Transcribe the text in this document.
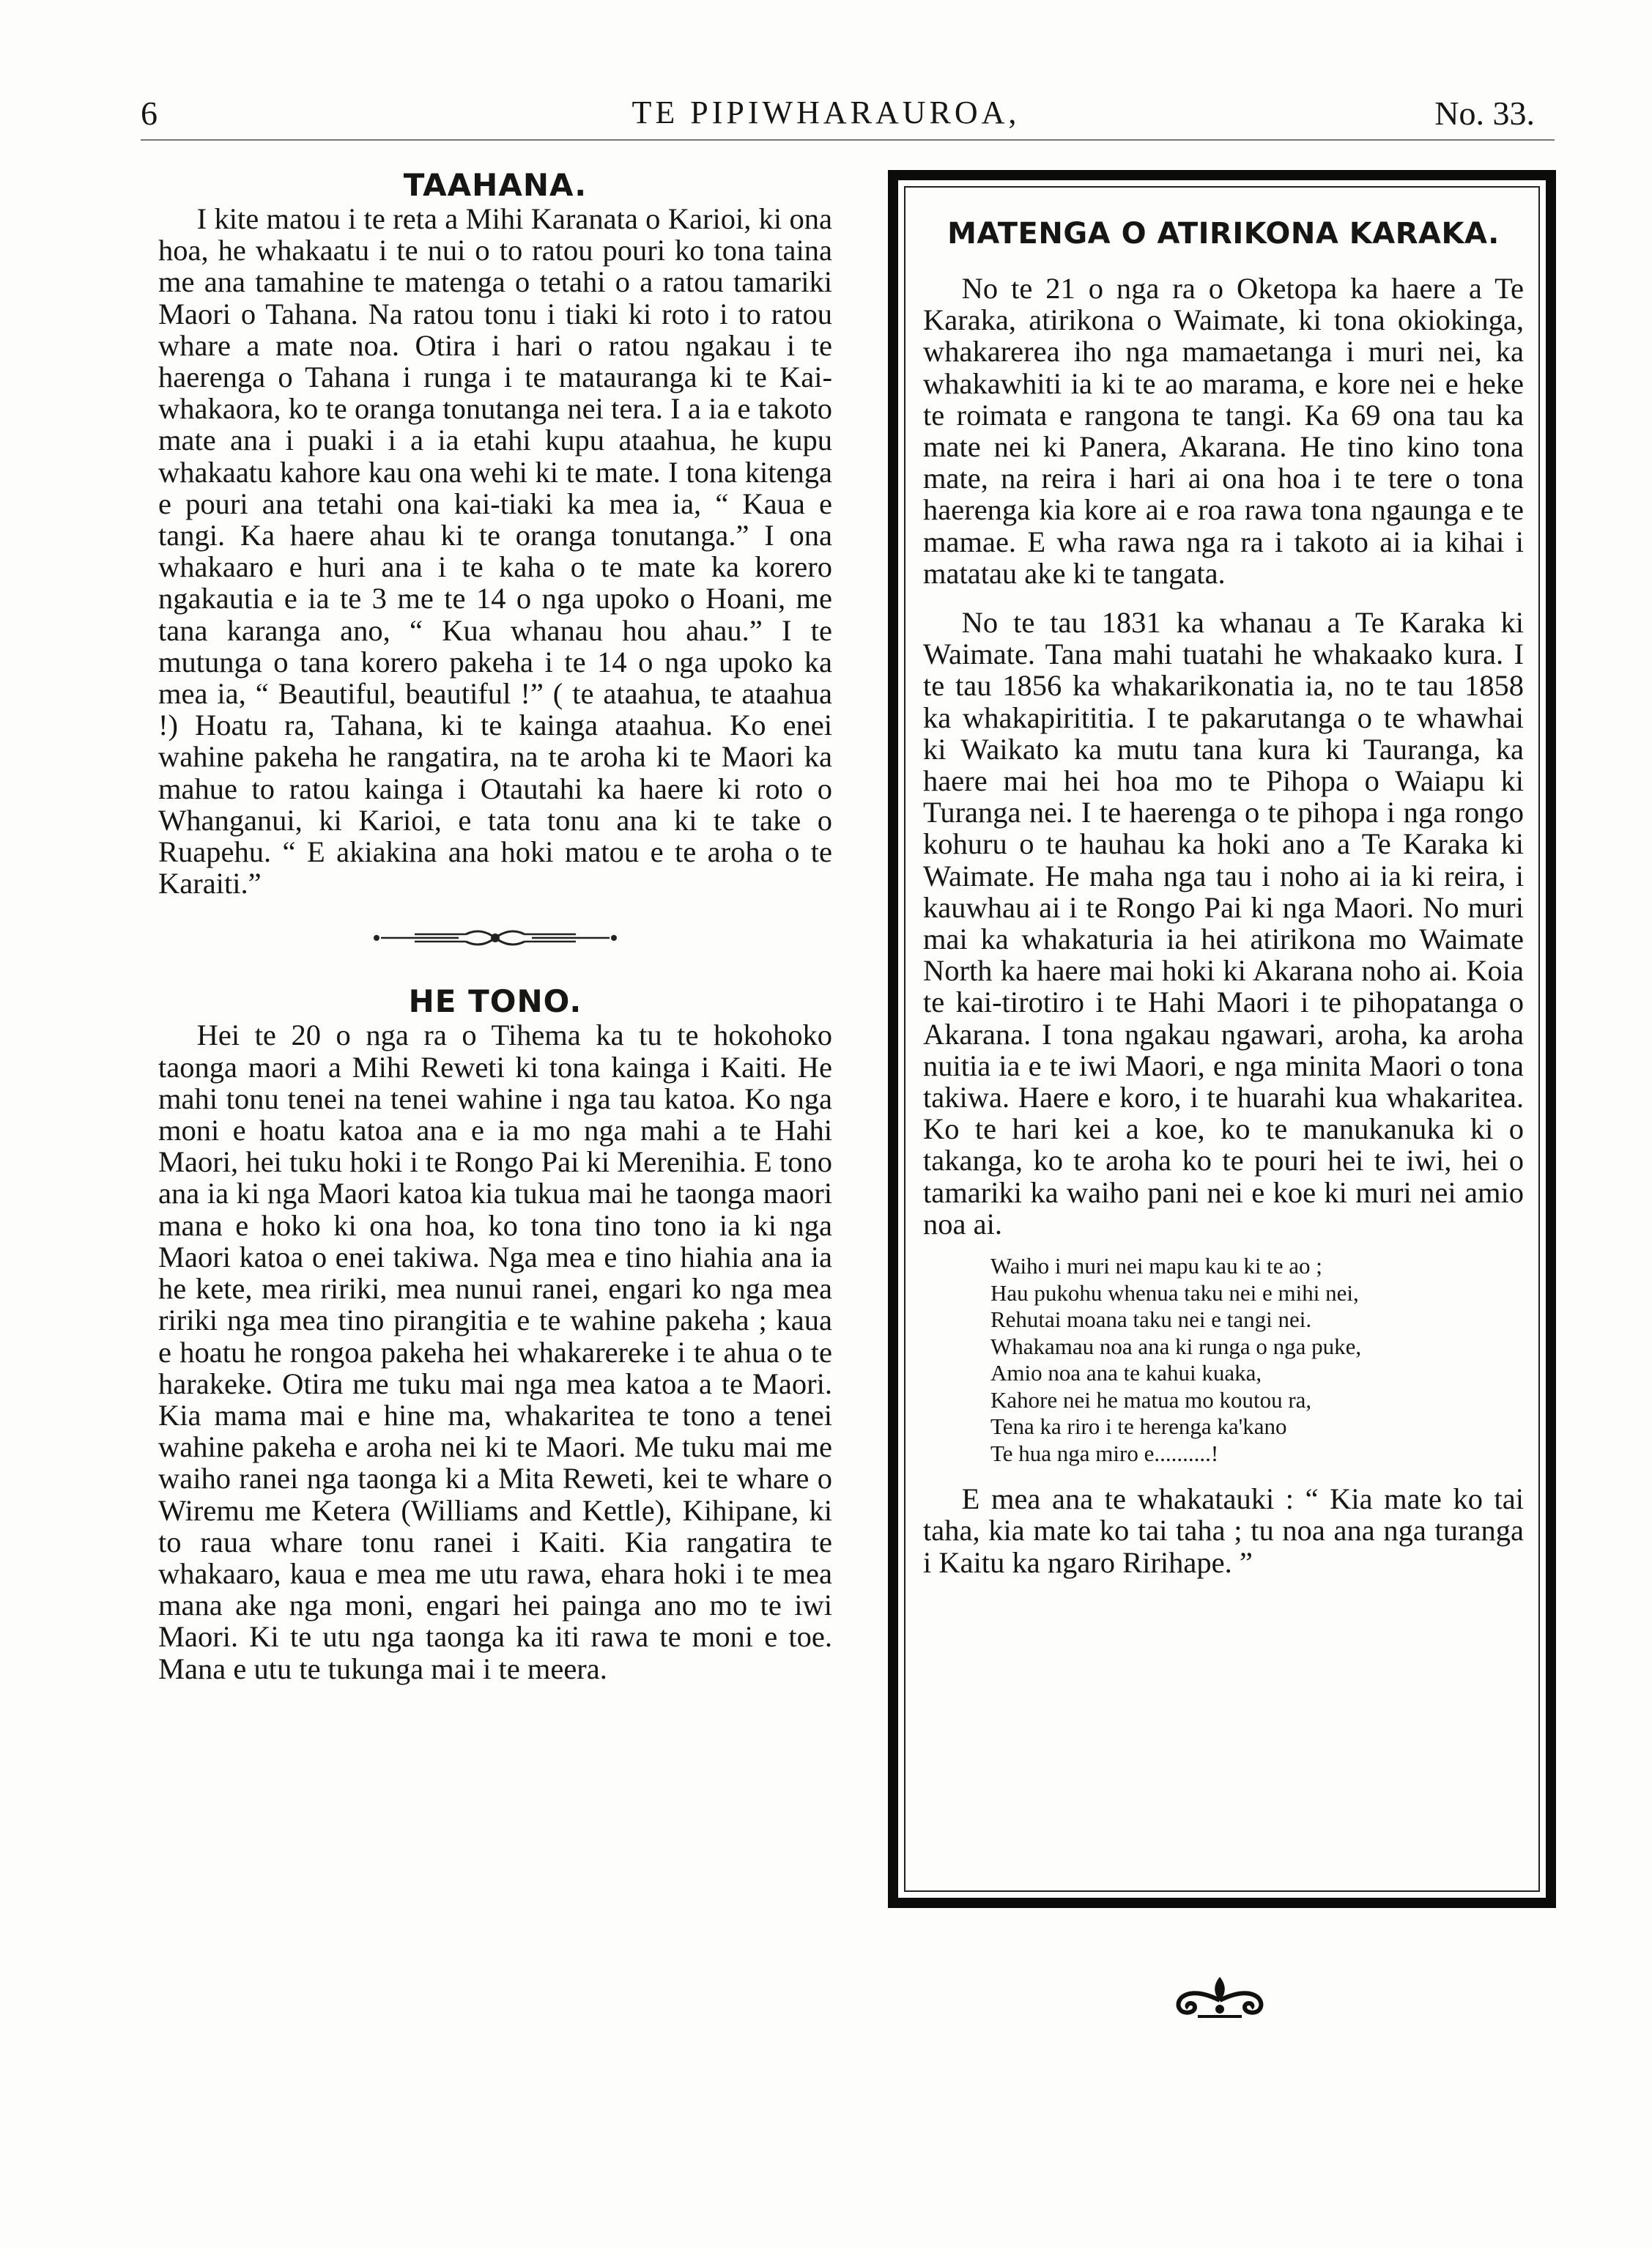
6	TE PIPIWHARAUROA,	No. 33.
TAAHANA.

I kite matou i te reta a Mihi Karanata o Karioi, ki ona hoa, he whakaatu i te nui o to ratou pouri ko tona taina me ana tamahine te matenga o tetahi o a ratou tamariki Maori o Tahana. Na ratou tonu i tiaki ki roto i to ratou whare a mate noa. Otira i hari o ratou ngakau i te haerenga o Tahana i runga i te matauranga ki te Kai-whakaora, ko te oranga tonutanga nei tera. I a ia e takoto mate ana i puaki i a ia etahi kupu ataahua, he kupu whakaatu kahore kau ona wehi ki te mate. I tona kitenga e pouri ana tetahi ona kai-tiaki ka mea ia, “ Kaua e tangi. Ka haere ahau ki te oranga tonutanga.” I ona whakaaro e huri ana i te kaha o te mate ka korero ngakautia e ia te 3 me te 14 o nga upoko o Hoani, me tana karanga ano, “ Kua whanau hou ahau.” I te mutunga o tana korero pakeha i te 14 o nga upoko ka mea ia, “ Beautiful, beautiful !” ( te ataahua, te ataahua !) Hoatu ra, Tahana, ki te kainga ataahua. Ko enei wahine pakeha he rangatira, na te aroha ki te Maori ka mahue to ratou kainga i Otautahi ka haere ki roto o Whanganui, ki Karioi, e tata tonu ana ki te take o Ruapehu. “ E akiakina ana hoki matou e te aroha o te Karaiti.”

HE TONO.

Hei te 20 o nga ra o Tihema ka tu te hokohoko taonga maori a Mihi Reweti ki tona kainga i Kaiti. He mahi tonu tenei na tenei wahine i nga tau katoa. Ko nga moni e hoatu katoa ana e ia mo nga mahi a te Hahi Maori, hei tuku hoki i te Rongo Pai ki Merenihia. E tono ana ia ki nga Maori katoa kia tukua mai he taonga maori mana e hoko ki ona hoa, ko tona tino tono ia ki nga Maori katoa o enei takiwa. Nga mea e tino hiahia ana ia he kete, mea ririki, mea nunui ranei, engari ko nga mea ririki nga mea tino pirangitia e te wahine pakeha ; kaua e hoatu he rongoa pakeha hei whakarereke i te ahua o te harakeke. Otira me tuku mai nga mea katoa a te Maori. Kia mama mai e hine ma, whakaritea te tono a tenei wahine pakeha e aroha nei ki te Maori. Me tuku mai me waiho ranei nga taonga ki a Mita Reweti, kei te whare o Wiremu me Ketera (Williams and Kettle), Kihipane, ki to raua whare tonu ranei i Kaiti. Kia rangatira te whakaaro, kaua e mea me utu rawa, ehara hoki i te mea mana ake nga moni, engari hei painga ano mo te iwi Maori. Ki te utu nga taonga ka iti rawa te moni e toe. Mana e utu te tukunga mai i te meera.

MATENGA O ATIRIKONA KARAKA.

No te 21 o nga ra o Oketopa ka haere a Te Karaka, atirikona o Waimate, ki tona okiokinga, whakarerea iho nga mamaetanga i muri nei, ka whakawhiti ia ki te ao marama, e kore nei e heke te roimata e rangona te tangi. Ka 69 ona tau ka mate nei ki Panera, Akarana. He tino kino tona mate, na reira i hari ai ona hoa i te tere o tona haerenga kia kore ai e roa rawa tona ngaunga e te mamae. E wha rawa nga ra i takoto ai ia kihai i matatau ake ki te tangata.

No te tau 1831 ka whanau a Te Karaka ki Waimate. Tana mahi tuatahi he whakaako kura. I te tau 1856 ka whakarikonatia ia, no te tau 1858 ka whakapirititia. I te pakarutanga o te whawhai ki Waikato ka mutu tana kura ki Tauranga, ka haere mai hei hoa mo te Pihopa o Waiapu ki Turanga nei. I te haerenga o te pihopa i nga rongo kohuru o te hauhau ka hoki ano a Te Karaka ki Waimate. He maha nga tau i noho ai ia ki reira, i kauwhau ai i te Rongo Pai ki nga Maori. No muri mai ka whakaturia ia hei atirikona mo Waimate North ka haere mai hoki ki Akarana noho ai. Koia te kai-tirotiro i te Hahi Maori i te pihopatanga o Akarana. I tona ngakau ngawari, aroha, ka aroha nuitia ia e te iwi Maori, e nga minita Maori o tona takiwa. Haere e koro, i te huarahi kua whakaritea. Ko te hari kei a koe, ko te manukanuka ki o takanga, ko te aroha ko te pouri hei te iwi, hei o tamariki ka waiho pani nei e koe ki muri nei amio noa ai.

Waiho i muri nei mapu kau ki te ao ;
Hau pukohu whenua taku nei e mihi nei,
Rehutai moana taku nei e tangi nei.
Whakamau noa ana ki runga o nga puke,
Amio noa ana te kahui kuaka,
Kahore nei he matua mo koutou ra,
Tena ka riro i te herenga ka'kano
Te hua nga miro e..........!

E mea ana te whakatauki : “ Kia mate ko tai taha, kia mate ko tai taha ; tu noa ana nga turanga i Kaitu ka ngaro Ririhape. ”
